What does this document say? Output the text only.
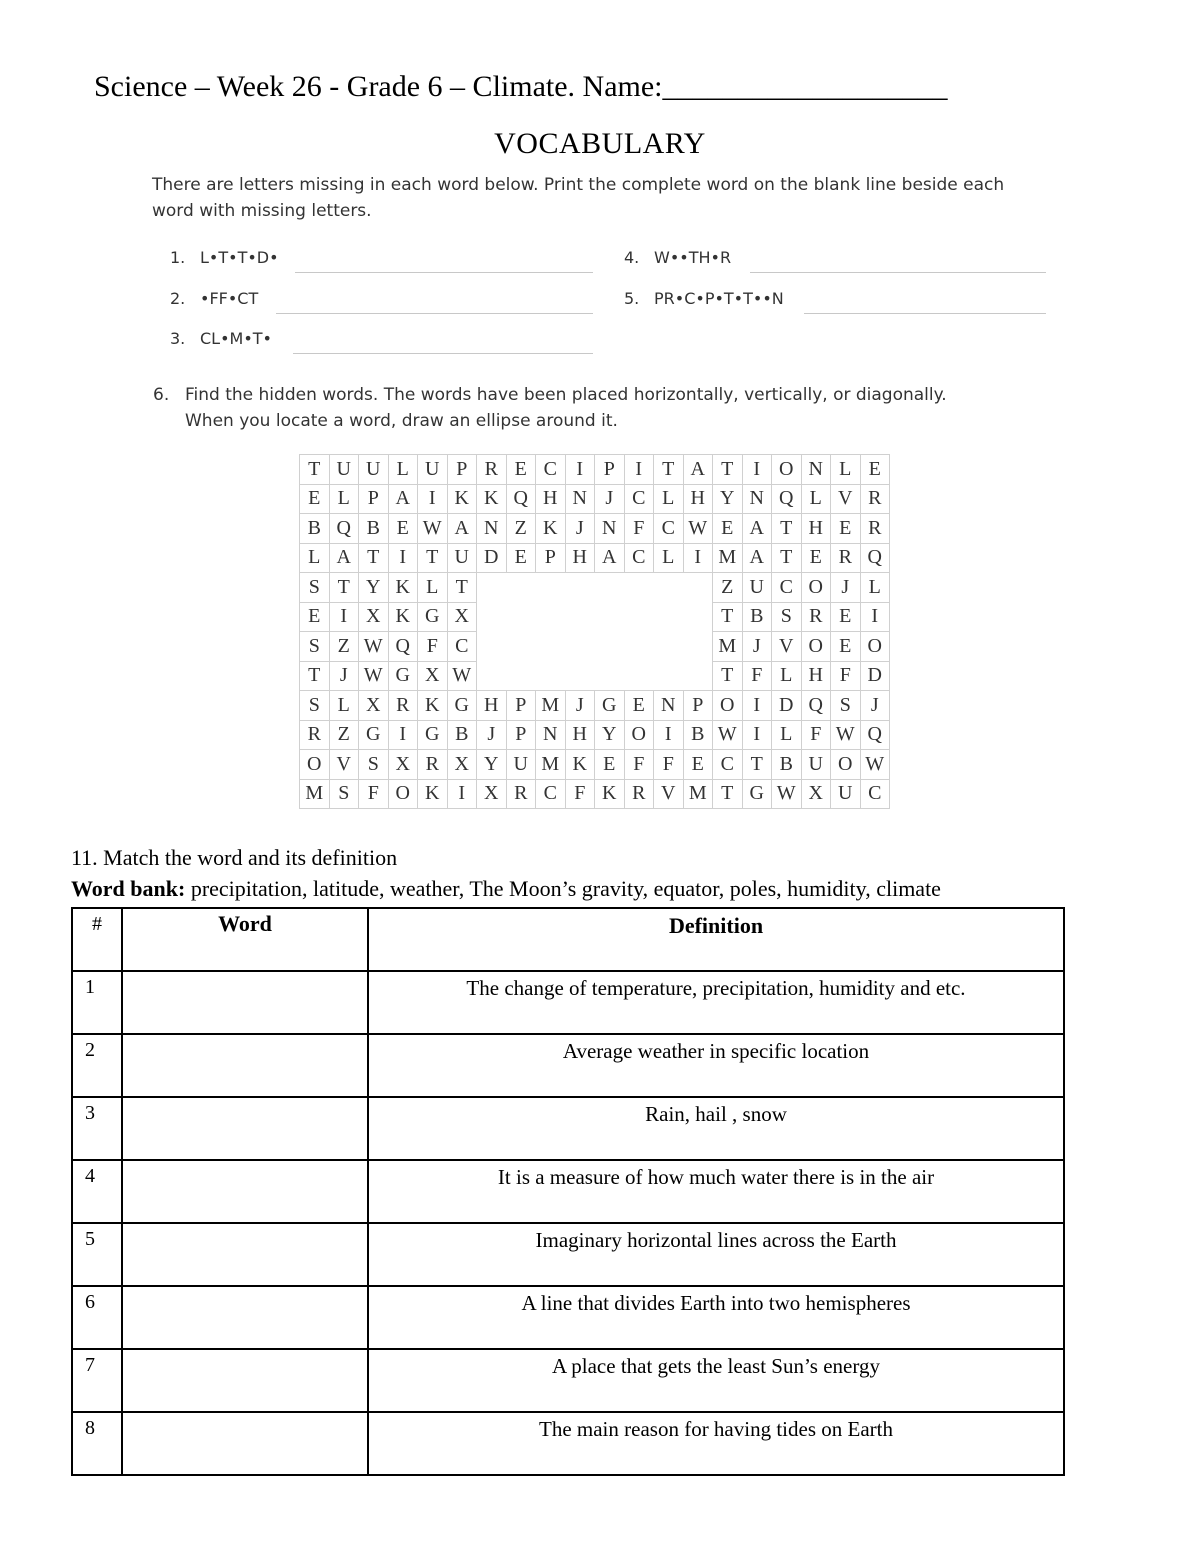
Science – Week 26 - Grade 6 – Climate. Name:___________________
VOCABULARY
There are letters missing in each word below. Print the complete word on the blank line beside each word with missing letters.
1. L•T•T•D•
2. •FF•CT
3. CL•M•T•
4. W••TH•R
5. PR•C•P•T•T••N
6. Find the hidden words. The words have been placed horizontally, vertically, or diagonally.
When you locate a word, draw an ellipse around it.
T	U	U	L	U	P	R	E	C	I	P	I	T	A	T	I	O	N	L	E
E	L	P	A	I	K	K	Q	H	N	J	C	L	H	Y	N	Q	L	V	R
B	Q	B	E	W	A	N	Z	K	J	N	F	C	W	E	A	T	H	E	R
L	A	T	I	T	U	D	E	P	H	A	C	L	I	M	A	T	E	R	Q
S	T	Y	K	L	T									Z	U	C	O	J	L
E	I	X	K	G	X									T	B	S	R	E	I
S	Z	W	Q	F	C									M	J	V	O	E	O
T	J	W	G	X	W									T	F	L	H	F	D
S	L	X	R	K	G	H	P	M	J	G	E	N	P	O	I	D	Q	S	J
R	Z	G	I	G	B	J	P	N	H	Y	O	I	B	W	I	L	F	W	Q
O	V	S	X	R	X	Y	U	M	K	E	F	F	E	C	T	B	U	O	W
M	S	F	O	K	I	X	R	C	F	K	R	V	M	T	G	W	X	U	C
11. Match the word and its definition
Word bank: precipitation, latitude, weather, The Moon’s gravity, equator, poles, humidity, climate
#	Word	Definition
1		The change of temperature, precipitation, humidity and etc.
2		Average weather in specific location
3		Rain, hail , snow
4		It is a measure of how much water there is in the air
5		Imaginary horizontal lines across the Earth
6		A line that divides Earth into two hemispheres
7		A place that gets the least Sun’s energy
8		The main reason for having tides on Earth
